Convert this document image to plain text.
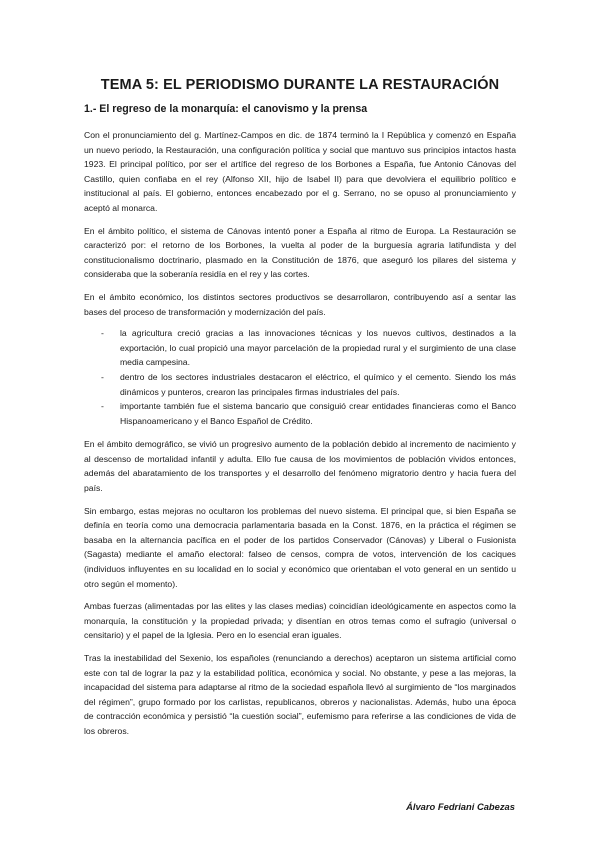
TEMA 5: EL PERIODISMO DURANTE LA RESTAURACIÓN
1.- El regreso de la monarquía: el canovismo y la prensa

Con el pronunciamiento del g. Martínez-Campos en dic. de 1874 terminó la I República y comenzó en España un nuevo periodo, la Restauración, una configuración política y social que mantuvo sus principios intactos hasta 1923. El principal político, por ser el artífice del regreso de los Borbones a España, fue Antonio Cánovas del Castillo, quien confiaba en el rey (Alfonso XII, hijo de Isabel II) para que devolviera el equilibrio político e institucional al país. El gobierno, entonces encabezado por el g. Serrano, no se opuso al pronunciamiento y aceptó al monarca.

En el ámbito político, el sistema de Cánovas intentó poner a España al ritmo de Europa. La Restauración se caracterizó por: el retorno de los Borbones, la vuelta al poder de la burguesía agraria latifundista y del constitucionalismo doctrinario, plasmado en la Constitución de 1876, que aseguró los pilares del sistema y consideraba que la soberanía residía en el rey y las cortes.

En el ámbito económico, los distintos sectores productivos se desarrollaron, contribuyendo así a sentar las bases del proceso de transformación y modernización del país.

- la agricultura creció gracias a las innovaciones técnicas y los nuevos cultivos, destinados a la exportación, lo cual propició una mayor parcelación de la propiedad rural y el surgimiento de una clase media campesina.
- dentro de los sectores industriales destacaron el eléctrico, el químico y el cemento. Siendo los más dinámicos y punteros, crearon las principales firmas industriales del país.
- importante también fue el sistema bancario que consiguió crear entidades financieras como el Banco Hispanoamericano y el Banco Español de Crédito.

En el ámbito demográfico, se vivió un progresivo aumento de la población debido al incremento de nacimiento y al descenso de mortalidad infantil y adulta. Ello fue causa de los movimientos de población vividos entonces, además del abaratamiento de los transportes y el desarrollo del fenómeno migratorio dentro y hacia fuera del país.

Sin embargo, estas mejoras no ocultaron los problemas del nuevo sistema. El principal que, si bien España se definía en teoría como una democracia parlamentaria basada en la Const. 1876, en la práctica el régimen se basaba en la alternancia pacífica en el poder de los partidos Conservador (Cánovas) y Liberal o Fusionista (Sagasta) mediante el amaño electoral: falseo de censos, compra de votos, intervención de los caciques (individuos influyentes en su localidad en lo social y económico que orientaban el voto general en un sentido u otro según el momento).

Ambas fuerzas (alimentadas por las elites y las clases medias) coincidían ideológicamente en aspectos como la monarquía, la constitución y la propiedad privada; y disentían en otros temas como el sufragio (universal o censitario) y el papel de la Iglesia. Pero en lo esencial eran iguales.

Tras la inestabilidad del Sexenio, los españoles (renunciando a derechos) aceptaron un sistema artificial como este con tal de lograr la paz y la estabilidad política, económica y social. No obstante, y pese a las mejoras, la incapacidad del sistema para adaptarse al ritmo de la sociedad española llevó al surgimiento de “los marginados del régimen”, grupo formado por los carlistas, republicanos, obreros y nacionalistas. Además, hubo una época de contracción económica y persistió “la cuestión social”, eufemismo para referirse a las condiciones de vida de los obreros.

Álvaro Fedriani Cabezas
